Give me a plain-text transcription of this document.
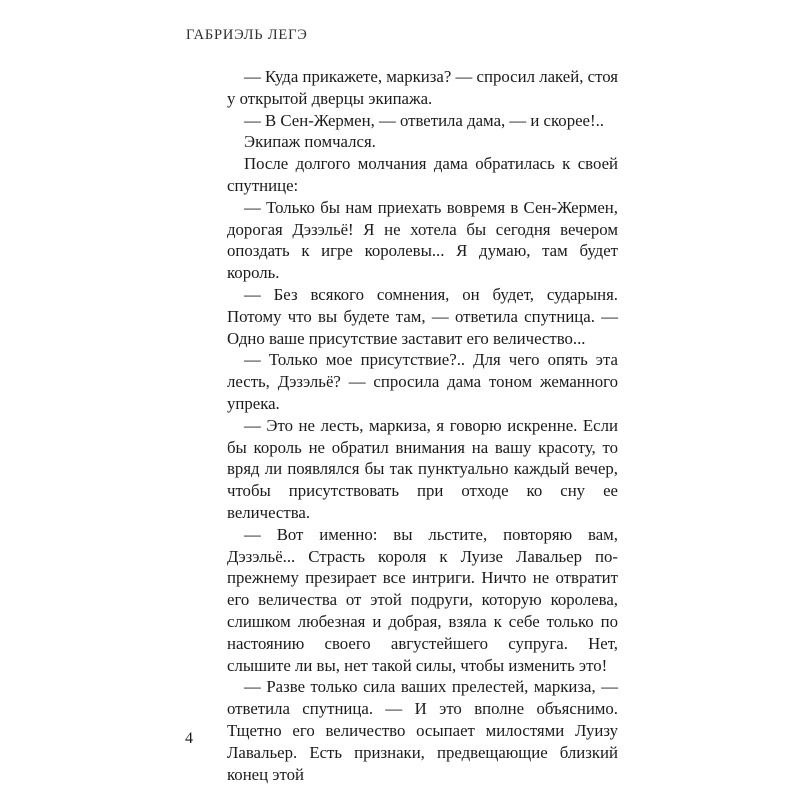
ГАБРИЭЛЬ ЛЕГЭ

— Куда прикажете, маркиза? — спросил лакей, стоя у открытой дверцы экипажа.

— В Сен-Жермен, — ответила дама, — и скорее!..

Экипаж помчался.

После долгого молчания дама обратилась к своей спутнице:

— Только бы нам приехать вовремя в Сен-Жермен, дорогая Дэзэльё! Я не хотела бы сегодня вечером опоздать к игре королевы... Я думаю, там будет король.

— Без всякого сомнения, он будет, сударыня. Потому что вы будете там, — ответила спутница. — Одно ваше присутствие заставит его величество...

— Только мое присутствие?.. Для чего опять эта лесть, Дэзэльё? — спросила дама тоном жеманного упрека.

— Это не лесть, маркиза, я говорю искренне. Если бы король не обратил внимания на вашу красоту, то вряд ли появлялся бы так пунктуально каждый вечер, чтобы присутствовать при отходе ко сну ее величества.

— Вот именно: вы льстите, повторяю вам, Дэзэльё... Страсть короля к Луизе Лавальер по-прежнему презирает все интриги. Ничто не отвратит его величества от этой подруги, которую королева, слишком любезная и добрая, взяла к себе только по настоянию своего августейшего супруга. Нет, слышите ли вы, нет такой силы, чтобы изменить это!

— Разве только сила ваших прелестей, маркиза, — ответила спутница. — И это вполне объяснимо. Тщетно его величество осыпает милостями Луизу Лавальер. Есть признаки, предвещающие близкий конец этой

4
